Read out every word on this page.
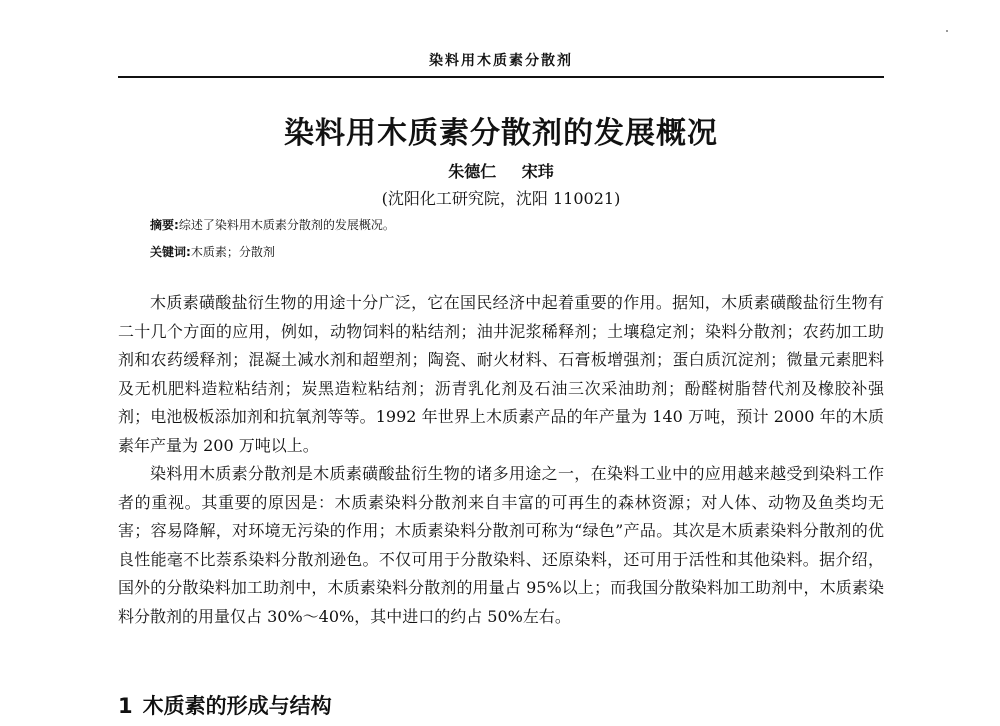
染料用木质素分散剂
染料用木质素分散剂的发展概况
朱德仁 宋玮
(沈阳化工研究院，沈阳 110021)
摘要:综述了染料用木质素分散剂的发展概况。
关键词:木质素；分散剂

木质素磺酸盐衍生物的用途十分广泛，它在国民经济中起着重要的作用。据知，木质素磺酸盐衍生物有二十几个方面的应用，例如，动物饲料的粘结剂；油井泥浆稀释剂；土壤稳定剂；染料分散剂；农药加工助剂和农药缓释剂；混凝土减水剂和超塑剂；陶瓷、耐火材料、石膏板增强剂；蛋白质沉淀剂；微量元素肥料及无机肥料造粒粘结剂；炭黑造粒粘结剂；沥青乳化剂及石油三次采油助剂；酚醛树脂替代剂及橡胶补强剂；电池极板添加剂和抗氧剂等等。1992 年世界上木质素产品的年产量为 140 万吨，预计 2000 年的木质素年产量为 200 万吨以上。

染料用木质素分散剂是木质素磺酸盐衍生物的诸多用途之一，在染料工业中的应用越来越受到染料工作者的重视。其重要的原因是：木质素染料分散剂来自丰富的可再生的森林资源；对人体、动物及鱼类均无害；容易降解，对环境无污染的作用；木质素染料分散剂可称为“绿色”产品。其次是木质素染料分散剂的优良性能毫不比萘系染料分散剂逊色。不仅可用于分散染料、还原染料，还可用于活性和其他染料。据介绍，国外的分散染料加工助剂中，木质素染料分散剂的用量占 95%以上；而我国分散染料加工助剂中，木质素染料分散剂的用量仅占 30%～40%，其中进口的约占 50%左右。

1 木质素的形成与结构
